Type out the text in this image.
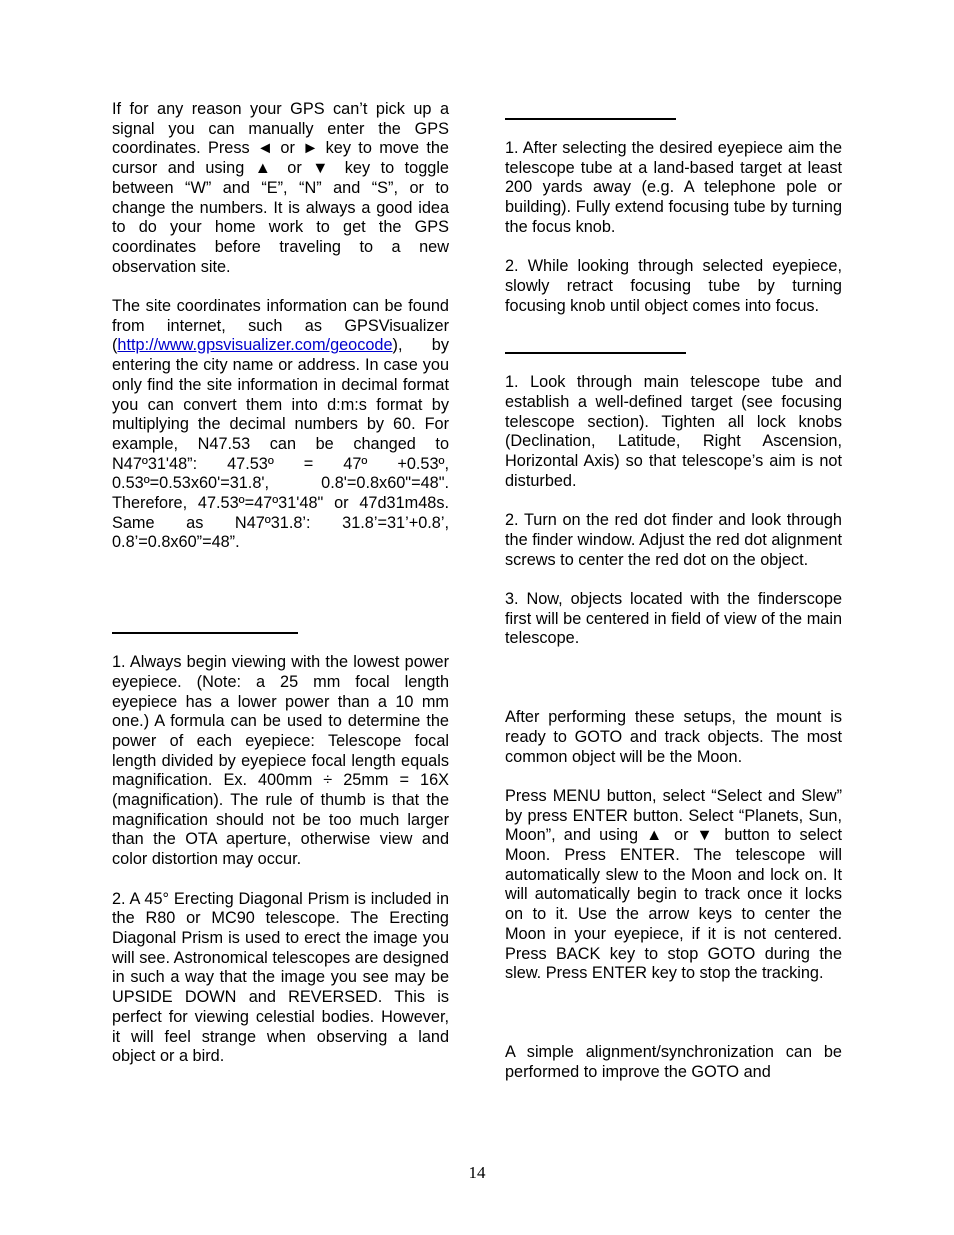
If for any reason your GPS can’t pick up a signal you can manually enter the GPS coordinates. Press ◄ or ► key to move the cursor and using ▲ or ▼ key to toggle between “W” and “E”, “N” and “S”, or to change the numbers. It is always a good idea to do your home work to get the GPS coordinates before traveling to a new observation site.

The site coordinates information can be found from internet, such as GPSVisualizer (http://www.gpsvisualizer.com/geocode), by entering the city name or address. In case you only find the site information in decimal format you can convert them into d:m:s format by multiplying the decimal numbers by 60. For example, N47.53 can be changed to N47º31'48”: 47.53º = 47º +0.53º, 0.53º=0.53x60'=31.8', 0.8'=0.8x60"=48". Therefore, 47.53º=47º31'48" or 47d31m48s. Same as N47º31.8’: 31.8’=31’+0.8’, 0.8’=0.8x60”=48”.

1. Always begin viewing with the lowest power eyepiece. (Note: a 25 mm focal length eyepiece has a lower power than a 10 mm one.) A formula can be used to determine the power of each eyepiece: Telescope focal length divided by eyepiece focal length equals magnification. Ex. 400mm ÷ 25mm = 16X (magnification). The rule of thumb is that the magnification should not be too much larger than the OTA aperture, otherwise view and color distortion may occur.

2. A 45° Erecting Diagonal Prism is included in the R80 or MC90 telescope. The Erecting Diagonal Prism is used to erect the image you will see. Astronomical telescopes are designed in such a way that the image you see may be UPSIDE DOWN and REVERSED. This is perfect for viewing celestial bodies. However, it will feel strange when observing a land object or a bird.

1. After selecting the desired eyepiece aim the telescope tube at a land-based target at least 200 yards away (e.g. A telephone pole or building). Fully extend focusing tube by turning the focus knob.

2. While looking through selected eyepiece, slowly retract focusing tube by turning focusing knob until object comes into focus.

1. Look through main telescope tube and establish a well-defined target (see focusing telescope section). Tighten all lock knobs (Declination, Latitude, Right Ascension, Horizontal Axis) so that telescope’s aim is not disturbed.

2. Turn on the red dot finder and look through the finder window. Adjust the red dot alignment screws to center the red dot on the object.

3. Now, objects located with the finderscope first will be centered in field of view of the main telescope.

After performing these setups, the mount is ready to GOTO and track objects. The most common object will be the Moon.

Press MENU button, select “Select and Slew” by press ENTER button. Select “Planets, Sun, Moon”, and using ▲ or ▼ button to select Moon. Press ENTER. The telescope will automatically slew to the Moon and lock on. It will automatically begin to track once it locks on to it. Use the arrow keys to center the Moon in your eyepiece, if it is not centered. Press BACK key to stop GOTO during the slew. Press ENTER key to stop the tracking.

A simple alignment/synchronization can be performed to improve the GOTO and

14
